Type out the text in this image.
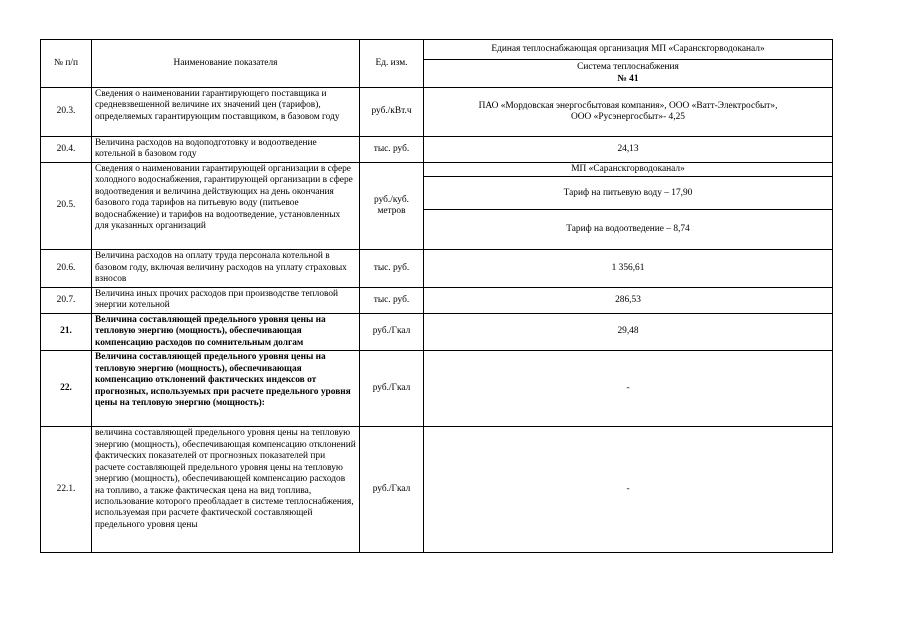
№ п/п	Наименование показателя	Ед. изм.	Единая теплоснабжающая организация МП «Саранскгорводоканал»

			Система теплоснабжения
№ 41

20.3.	Сведения о наименовании гарантирующего поставщика и средневзвешенной величине их значений цен (тарифов), определяемых гарантирующим поставщиком, в базовом году	руб./кВт.ч	ПАО «Мордовская энергосбытовая компания», ООО «Ватт-Электросбыт»,
ООО «Русэнергосбыт»- 4,25
20.4.	Величина расходов на водоподготовку и водоотведение котельной в базовом году	тыс. руб.	24,13
20.5.	Сведения о наименовании гарантирующей организации в сфере холодного водоснабжения, гарантирующей организации в сфере водоотведения и величина действующих на день окончания базового года тарифов на питьевую воду (питьевое водоснабжение) и тарифов на водоотведение, установленных для указанных организаций	руб./куб. метров	МП «Саранскгорводоканал»
			Тариф на питьевую воду – 17,90
			Тариф на водоотведение – 8,74
20.6.	Величина расходов на оплату труда персонала котельной в базовом году, включая величину расходов на уплату страховых взносов	тыс. руб.	1 356,61
20.7.	Величина иных прочих расходов при производстве тепловой энергии котельной	тыс. руб.	286,53
21.	Величина составляющей предельного уровня цены на тепловую энергию (мощность), обеспечивающая компенсацию расходов по сомнительным долгам	руб./Гкал	29,48
22.	Величина составляющей предельного уровня цены на тепловую энергию (мощность), обеспечивающая компенсацию отклонений фактических индексов от прогнозных, используемых при расчете предельного уровня цены на тепловую энергию (мощность):	руб./Гкал	-
22.1.	величина составляющей предельного уровня цены на тепловую энергию (мощность), обеспечивающая компенсацию отклонений фактических показателей от прогнозных показателей при расчете составляющей предельного уровня цены на тепловую энергию (мощность), обеспечивающей компенсацию расходов на топливо, а также фактическая цена на вид топлива, использование которого преобладает в системе теплоснабжения, используемая при расчете фактической составляющей предельного уровня цены	руб./Гкал	-
